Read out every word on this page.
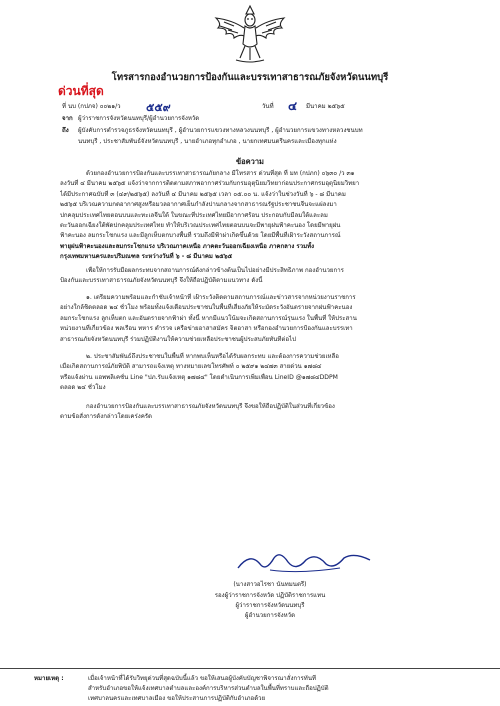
โทรสารกองอำนวยการป้องกันและบรรเทาสาธารณภัยจังหวัดนนทบุรี
ด่วนที่สุด
ที่ นบ (กปภจ) ๐๐๒๑/ว ๕๕๙	วันที่ ๔ มีนาคม ๒๕๖๕
จาก ผู้ว่าราชการจังหวัดนนทบุรี/ผู้อำนวยการจังหวัด
ถึง ผู้บังคับการตำรวจภูธรจังหวัดนนทบุรี , ผู้อำนวยการแขวงทางหลวงนนทบุรี , ผู้อำนวยการแขวงทางหลวงชนบท
นนทบุรี , ประชาสัมพันธ์จังหวัดนนทบุรี , นายอำเภอทุกอำเภอ , นายกเทศมนตรีนครและเมืองทุกแห่ง
ข้อความ
ด้วยกองอำนวยการป้องกันและบรรเทาสาธารณภัยกลาง มีโทรสาร ด่วนที่สุด ที่ มท (กปภก) ๐๖๓๐ /ว ๓๑
ลงวันที่ ๔ มีนาคม ๒๕๖๕ แจ้งว่าจากการติดตามสภาพอากาศร่วมกับกรมอุตุนิยมวิทยาก่อนประกาศกรมอุตุนิยมวิทยา
ได้มีประกาศฉบับที่ ๓ (๔๙/๒๕๖๕) ลงวันที่ ๔ มีนาคม ๒๕๖๕ เวลา ๐๕.๐๐ น. แจ้งว่าในช่วงวันที่ ๖ - ๘ มีนาคม
๒๕๖๕ บริเวณความกดอากาศสูงหรือมวลอากาศเย็นกำลังปานกลางจากสาธารณรัฐประชาชนจีนจะแผ่ลงมา
ปกคลุมประเทศไทยตอนบนและทะเลจีนใต้ ในขณะที่ประเทศไทยมีอากาศร้อน ประกอบกับมีลมใต้และลม
ตะวันออกเฉียงใต้พัดปกคลุมประเทศไทย ทำให้บริเวณประเทศไทยตอนบนจะมีพายุฝนฟ้าคะนอง โดยมีพายุฝน
ฟ้าคะนอง ลมกระโชกแรง และมีลูกเห็บตกบางพื้นที่ รวมถึงมีฟ้าผ่าเกิดขึ้นด้วย โดยมีพื้นที่เฝ้าระวังสถานการณ์
พายุฝนฟ้าคะนองและลมกระโชกแรง บริเวณภาคเหนือ ภาคตะวันออกเฉียงเหนือ ภาคกลาง รวมทั้ง
กรุงเทพมหานครและปริมณฑล ระหว่างวันที่ ๖ - ๘ มีนาคม ๒๕๖๕
เพื่อให้การรับมือผลกระทบจากสถานการณ์ดังกล่าวข้างต้นเป็นไปอย่างมีประสิทธิภาพ กองอำนวยการ
ป้องกันและบรรเทาสาธารณภัยจังหวัดนนทบุรี จึงให้ถือปฏิบัติตามแนวทาง ดังนี้
๑. เตรียมความพร้อมและกำชับเจ้าหน้าที่ เฝ้าระวังติดตามสถานการณ์และข่าวสารจากหน่วยงานราชการ
อย่างใกล้ชิดตลอด ๒๔ ชั่วโมง พร้อมทั้งแจ้งเตือนประชาชนในพื้นที่เสี่ยงภัยให้ระมัดระวังอันตรายจากฝนฟ้าคะนอง
ลมกระโชกแรง ลูกเห็บตก และอันตรายจากฟ้าผ่า ทั้งนี้ หากมีแนวโน้มจะเกิดสถานการณ์รุนแรง ในพื้นที่ ให้ประสาน
หน่วยงานที่เกี่ยวข้อง พลเรือน ทหาร ตำรวจ เครือข่ายอาสาสมัคร จิตอาสา หรือกองอำนวยการป้องกันและบรรเทา
สาธารณภัยจังหวัดนนทบุรี ร่วมปฏิบัติงานให้ความช่วยเหลือประชาชนผู้ประสบภัยทันทีต่อไป
๒. ประชาสัมพันธ์ถึงประชาชนในพื้นที่ หากพบเห็นหรือได้รับผลกระทบ และต้องการความช่วยเหลือ
เมื่อเกิดสถานการณ์ภัยพิบัติ สามารถแจ้งเหตุ ทางหมายเลขโทรศัพท์ ๐ ๒๕๙๑ ๒๔๗๓ สายด่วน ๑๗๘๔
หรือแจ้งผ่าน แอพพลิเคชั่น Line "ปภ.รับแจ้งเหตุ ๑๗๘๔" โดยดำเนินการเพิ่มเพื่อน LineID @๑๗๘๔DDPM
ตลอด ๒๔ ชั่วโมง
กองอำนวยการป้องกันและบรรเทาสาธารณภัยจังหวัดนนทบุรี จึงขอให้ถือปฏิบัติในส่วนที่เกี่ยวข้อง
ตามข้อสั่งการดังกล่าวโดยเคร่งครัด
(นางสาวอไรชา นันทมนตรี)
รองผู้ว่าราชการจังหวัด ปฏิบัติราชการแทน
ผู้ว่าราชการจังหวัดนนทบุรี
ผู้อำนวยการจังหวัด
หมายเหตุ :	เมื่อเจ้าหน้าที่ได้รับวิทยุด่วนที่สุดฉบับนี้แล้ว ขอให้เสนอผู้บังคับบัญชาพิจารณาสั่งการทันที
สำหรับอำเภอขอให้แจ้งเทศบาลตำบลและองค์การบริหารส่วนตำบลในพื้นที่ทราบและถือปฏิบัติ
เทศบาลนครและเทศบาลเมือง ขอให้ประสานการปฏิบัติกับอำเภอด้วย
